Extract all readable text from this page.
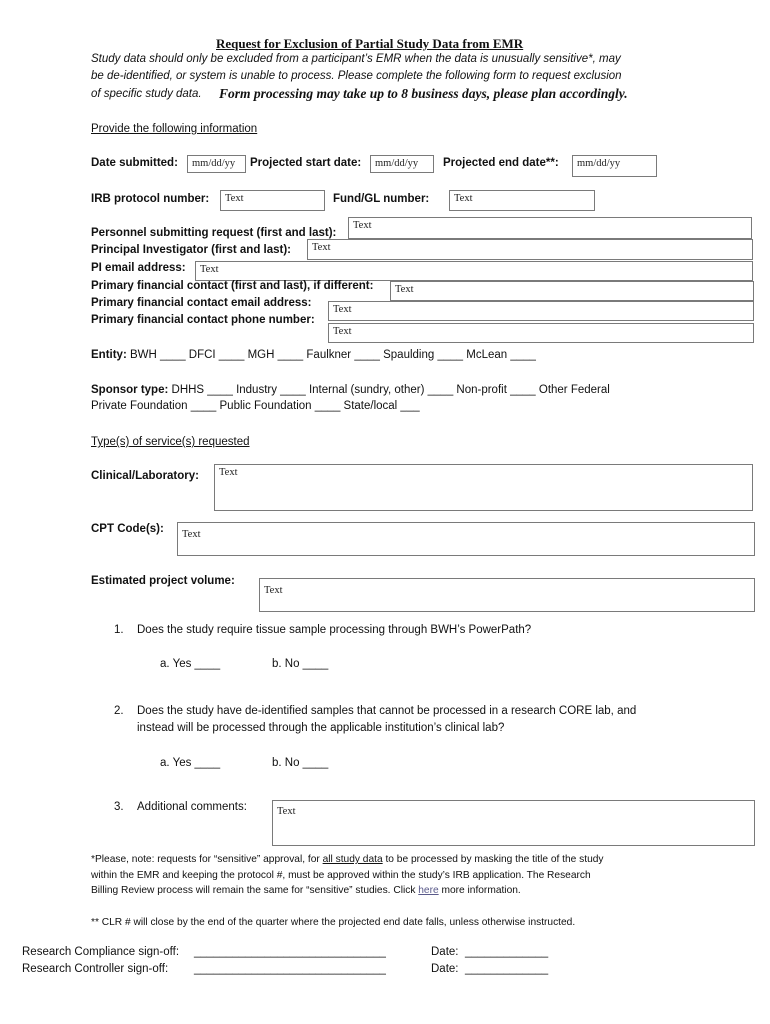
Request for Exclusion of Partial Study Data from EMR
Study data should only be excluded from a participant’s EMR when the data is unusually sensitive*, may
be de-identified, or system is unable to process. Please complete the following form to request exclusion
of specific study data. Form processing may take up to 8 business days, please plan accordingly.
Provide the following information
Date submitted:	mm/dd/yy	Projected start date:	mm/dd/yy	Projected end date**:	mm/dd/yy
IRB protocol number:	Text	Fund/GL number:	Text
Personnel submitting request (first and last):
Text
Principal Investigator (first and last):	Text
PI email address:	Text
Primary financial contact (first and last), if different:	Text
Primary financial contact email address:
Text
Primary financial contact phone number:
Text
Entity: BWH ____ DFCI ____ MGH ____ Faulkner ____ Spaulding ____ McLean ____
Sponsor type: DHHS ____ Industry ____ Internal (sundry, other) ____ Non-profit ____ Other Federal
Private Foundation ____ Public Foundation ____ State/local ___
Type(s) of service(s) requested
Clinical/Laboratory:	Text
CPT Code(s):	Text
Estimated project volume:
Text
1. Does the study require tissue sample processing through BWH’s PowerPath?
a. Yes ____	b. No ____
2. Does the study have de-identified samples that cannot be processed in a research CORE lab, and
instead will be processed through the applicable institution’s clinical lab?
a. Yes ____	b. No ____
3. Additional comments:	Text
*Please, note: requests for “sensitive” approval, for all study data to be processed by masking the title of the study
within the EMR and keeping the protocol #, must be approved within the study’s IRB application. The Research
Billing Review process will remain the same for “sensitive” studies. Click here more information.
** CLR # will close by the end of the quarter where the projected end date falls, unless otherwise instructed.
Research Compliance sign-off: ______________________________	Date: _____________
Research Controller sign-off: ______________________________	Date: _____________
